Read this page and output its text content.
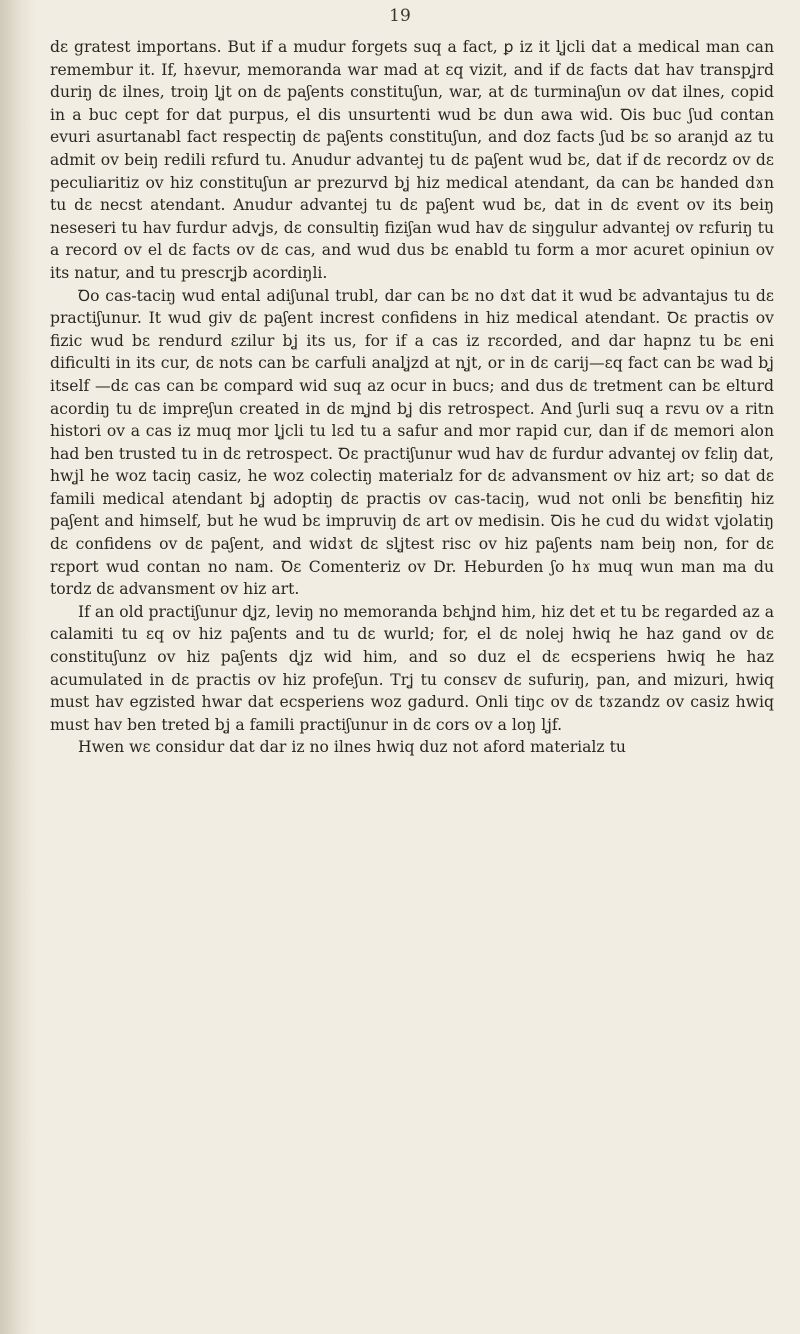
19

dɛ gratest importans. But if a mudur forgets suq a fact, ꝑ iz it lʝcli dat a medical man can remembur it. If, hɤevur, memoranda war mad at ɛq vizit, and if dɛ facts dat hav transpʝrd duriŋ dɛ ilnes, troiŋ lʝt on dɛ paʃents constituʃun, war, at dɛ turminaʃun ov dat ilnes, copid in a buc cept for dat purpus, el dis unsurtenti wud bɛ dun awa wid. Ꝺis buc ʃud contan evuri asurtanabl fact respectiŋ dɛ paʃents constituʃun, and doz facts ʃud bɛ so aranjd az tu admit ov beiŋ redili rɛfurd tu. Anudur advantej tu dɛ paʃent wud bɛ, dat if dɛ recordz ov dɛ peculiaritiz ov hiz constituʃun ar prezurvd bʝ hiz medical atendant, da can bɛ handed dɤn tu dɛ necst atendant. Anudur advantej tu dɛ paʃent wud bɛ, dat in dɛ ɛvent ov its beiŋ neseseri tu hav furdur advʝs, dɛ consultiŋ fiziʃan wud hav dɛ siŋgulur advantej ov rɛfuriŋ tu a record ov el dɛ facts ov dɛ cas, and wud dus bɛ enabld tu form a mor acuret opiniun ov its natur, and tu prescrʝb acordiŋli.

Ꝺo cas-taciŋ wud ental adiʃunal trubl, dar can bɛ no dɤt dat it wud bɛ advantajus tu dɛ practiʃunur. It wud giv dɛ paʃent increst confidens in hiz medical atendant. Ꝺɛ practis ov fizic wud bɛ rendurd ɛzilur bʝ its us, for if a cas iz rɛcorded, and dar hapnz tu bɛ eni dificulti in its cur, dɛ nots can bɛ carfuli analʝzd at nʝt, or in dɛ carij—ɛq fact can bɛ wad bʝ itself —dɛ cas can bɛ compard wid suq az ocur in bucs; and dus dɛ tretment can bɛ elturd acordiŋ tu dɛ impreʃun created in dɛ mʝnd bʝ dis retrospect. And ʃurli suq a rɛvu ov a ritn histori ov a cas iz muq mor lʝcli tu lɛd tu a safur and mor rapid cur, dan if dɛ memori alon had ben trusted tu in dɛ retrospect. Ꝺɛ practiʃunur wud hav dɛ furdur advantej ov fɛliŋ dat, hwʝl he woz taciŋ casiz, he woz colectiŋ materialz for dɛ advansment ov hiz art; so dat dɛ famili medical atendant bʝ adoptiŋ dɛ practis ov cas-taciŋ, wud not onli bɛ benɛfitiŋ hiz paʃent and himself, but he wud bɛ impruviŋ dɛ art ov medisin. Ꝺis he cud du widɤt vʝolatiŋ dɛ confidens ov dɛ paʃent, and widɤt dɛ slʝtest risc ov hiz paʃents nam beiŋ non, for dɛ rɛport wud contan no nam. Ꝺɛ Comenteriz ov Dr. Heburden ʃo hɤ muq wun man ma du tordz dɛ advansment ov hiz art.

If an old practiʃunur dʝz, leviŋ no memoranda bɛhʝnd him, hiz det et tu bɛ regarded az a calamiti tu ɛq ov hiz paʃents and tu dɛ wurld; for, el dɛ nolej hwiq he haz gand ov dɛ constituʃunz ov hiz paʃents dʝz wid him, and so duz el dɛ ecsperiens hwiq he haz acumulated in dɛ practis ov hiz profeʃun. Trʝ tu consɛv dɛ sufuriŋ, pan, and mizuri, hwiq must hav egzisted hwar dat ecsperiens woz gadurd. Onli tiŋc ov dɛ tɤzandz ov casiz hwiq must hav ben treted bʝ a famili practiʃunur in dɛ cors ov a loŋ lʝf.

Hwen wɛ considur dat dar iz no ilnes hwiq duz not aford materialz tu
